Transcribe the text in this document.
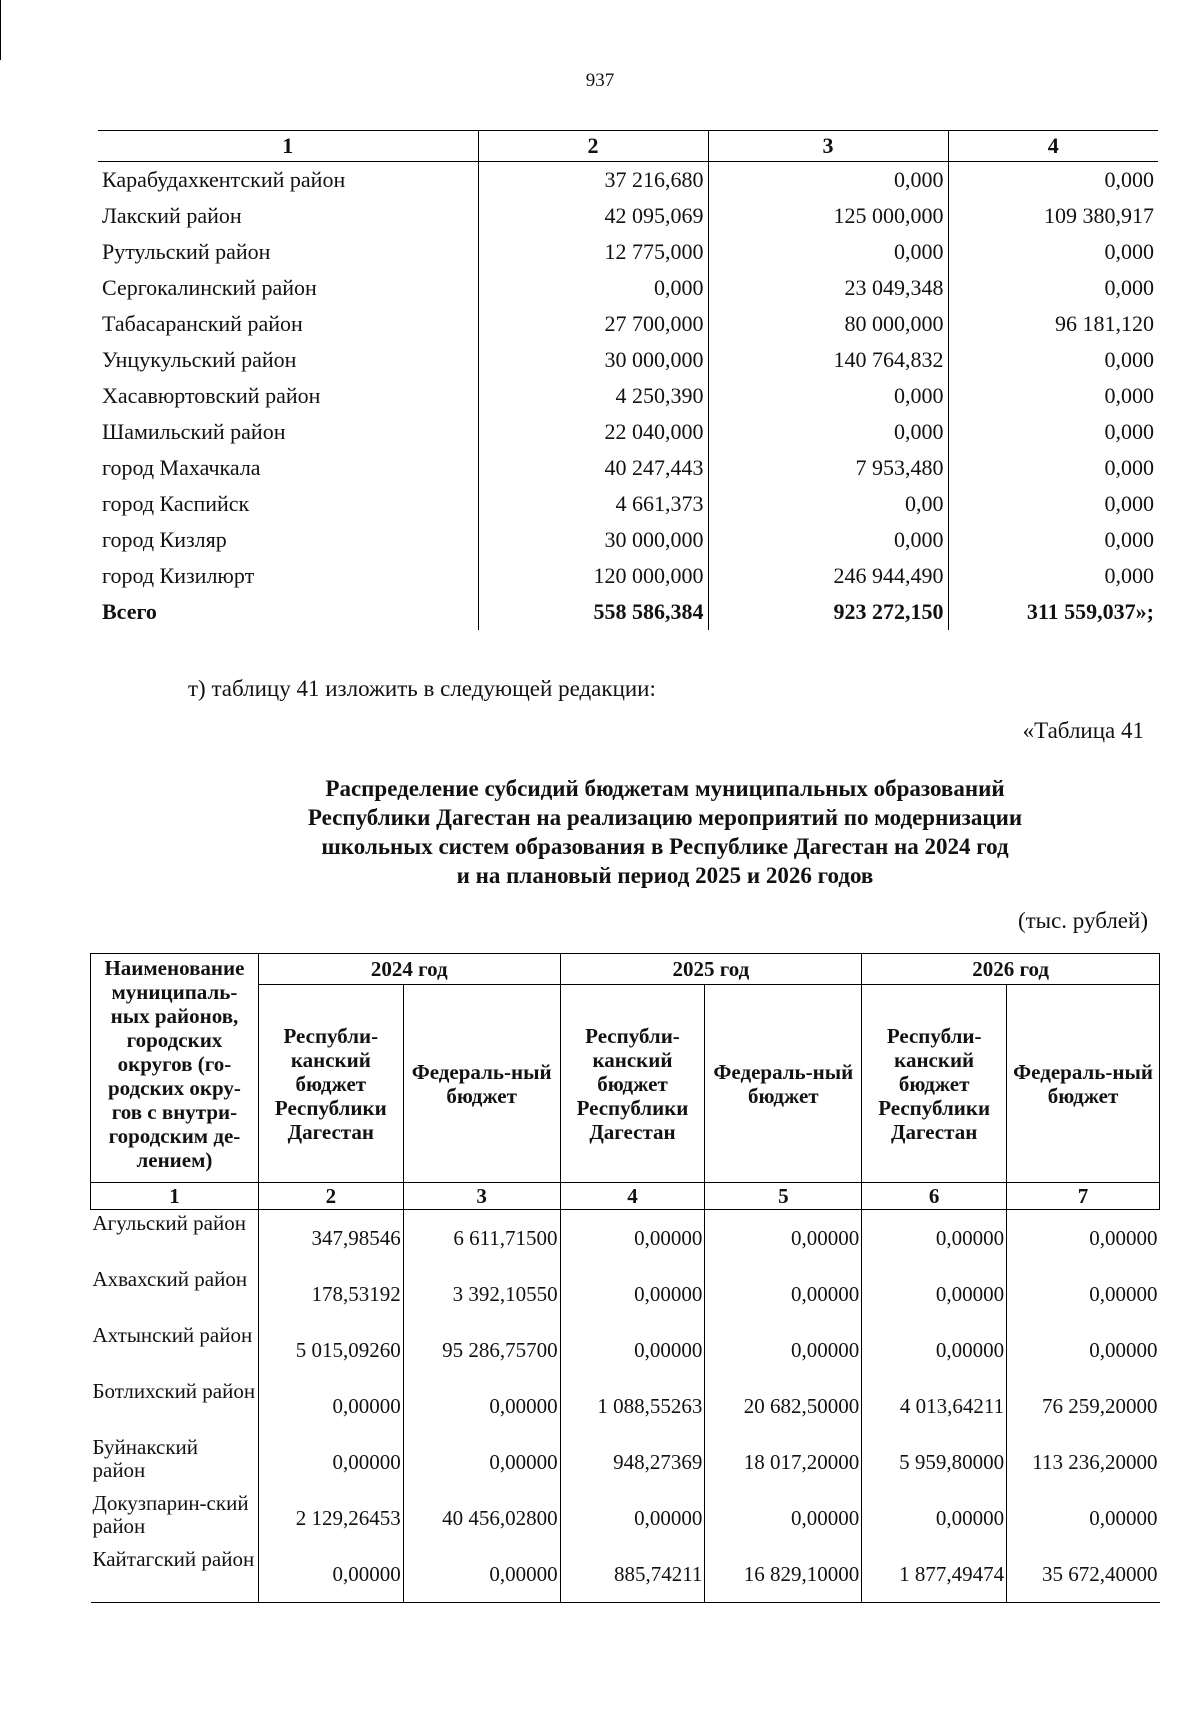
937
1	2	3	4
Карабудахкентский район	37 216,680	0,000	0,000
Лакский район	42 095,069	125 000,000	109 380,917
Рутульский район	12 775,000	0,000	0,000
Сергокалинский район	0,000	23 049,348	0,000
Табасаранский район	27 700,000	80 000,000	96 181,120
Унцукульский район	30 000,000	140 764,832	0,000
Хасавюртовский район	4 250,390	0,000	0,000
Шамильский район	22 040,000	0,000	0,000
город Махачкала	40 247,443	7 953,480	0,000
город Каспийск	4 661,373	0,00	0,000
город Кизляр	30 000,000	0,000	0,000
город Кизилюрт	120 000,000	246 944,490	0,000
Всего	558 586,384	923 272,150	311 559,037»;
т) таблицу 41 изложить в следующей редакции:
«Таблица 41
Распределение субсидий бюджетам муниципальных образований
Республики Дагестан на реализацию мероприятий по модернизации
школьных систем образования в Республике Дагестан на 2024 год
и на плановый период 2025 и 2026 годов
(тыс. рублей)
Наименование муниципаль-ных районов, городских округов (го-родских окру-гов с внутри-городским де-лением)	2024 год		2025 год		2026 год	
	Республи-канский бюджет Республики Дагестан	Федераль-ный бюджет	Республи-канский бюджет Республики Дагестан	Федераль-ный бюджет	Республи-канский бюджет Республики Дагестан	Федераль-ный бюджет
1	2	3	4	5	6	7
Агульский район	347,98546	6 611,71500	0,00000	0,00000	0,00000	0,00000
Ахвахский район	178,53192	3 392,10550	0,00000	0,00000	0,00000	0,00000
Ахтынский район	5 015,09260	95 286,75700	0,00000	0,00000	0,00000	0,00000
Ботлихский район	0,00000	0,00000	1 088,55263	20 682,50000	4 013,64211	76 259,20000
Буйнакский район	0,00000	0,00000	948,27369	18 017,20000	5 959,80000	113 236,20000
Докузпарин-ский район	2 129,26453	40 456,02800	0,00000	0,00000	0,00000	0,00000
Кайтагский район	0,00000	0,00000	885,74211	16 829,10000	1 877,49474	35 672,40000
